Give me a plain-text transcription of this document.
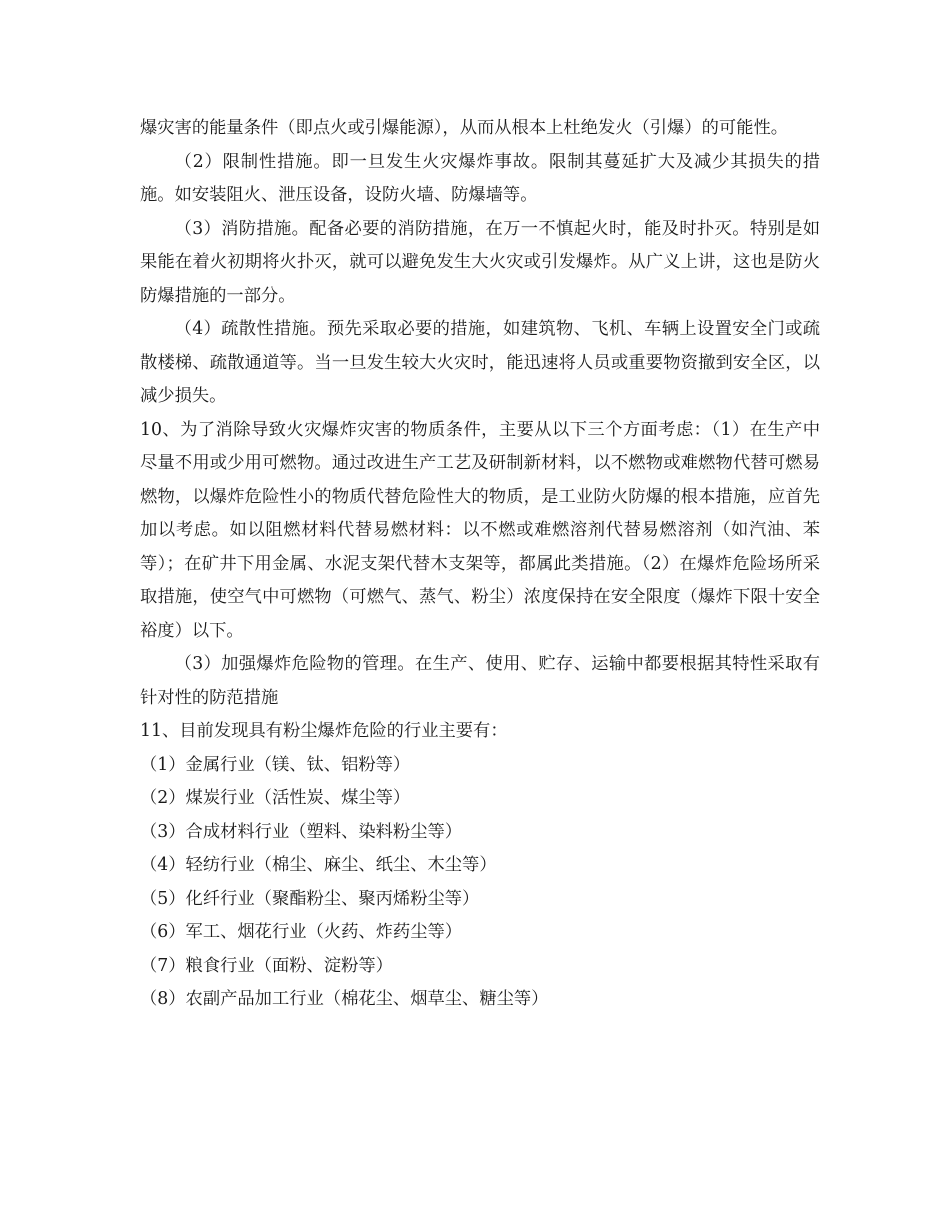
爆灾害的能量条件（即点火或引爆能源），从而从根本上杜绝发火（引爆）的可能性。

（2）限制性措施。即一旦发生火灾爆炸事故。限制其蔓延扩大及减少其损失的措施。如安装阻火、泄压设备，设防火墙、防爆墙等。

（3）消防措施。配备必要的消防措施，在万一不慎起火时，能及时扑灭。特别是如果能在着火初期将火扑灭，就可以避免发生大火灾或引发爆炸。从广义上讲，这也是防火防爆措施的一部分。

（4）疏散性措施。预先采取必要的措施，如建筑物、飞机、车辆上设置安全门或疏散楼梯、疏散通道等。当一旦发生较大火灾时，能迅速将人员或重要物资撤到安全区，以减少损失。

10、为了消除导致火灾爆炸灾害的物质条件，主要从以下三个方面考虑：（1）在生产中尽量不用或少用可燃物。通过改进生产工艺及研制新材料，以不燃物或难燃物代替可燃易燃物，以爆炸危险性小的物质代替危险性大的物质，是工业防火防爆的根本措施，应首先加以考虑。如以阻燃材料代替易燃材料：以不燃或难燃溶剂代替易燃溶剂（如汽油、苯等）；在矿井下用金属、水泥支架代替木支架等，都属此类措施。（2）在爆炸危险场所采取措施，使空气中可燃物（可燃气、蒸气、粉尘）浓度保持在安全限度（爆炸下限十安全裕度）以下。

（3）加强爆炸危险物的管理。在生产、使用、贮存、运输中都要根据其特性采取有针对性的防范措施

11、目前发现具有粉尘爆炸危险的行业主要有：

（1）金属行业（镁、钛、铝粉等）

（2）煤炭行业（活性炭、煤尘等）

（3）合成材料行业（塑料、染料粉尘等）

（4）轻纺行业（棉尘、麻尘、纸尘、木尘等）

（5）化纤行业（聚酯粉尘、聚丙烯粉尘等）

（6）军工、烟花行业（火药、炸药尘等）

（7）粮食行业（面粉、淀粉等）

（8）农副产品加工行业（棉花尘、烟草尘、糖尘等）
